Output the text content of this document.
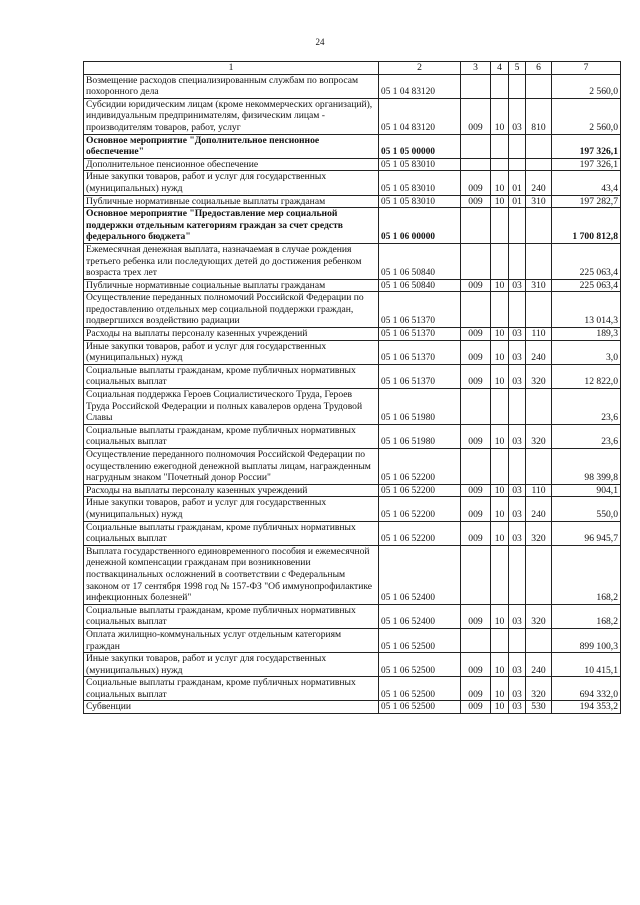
24
1	2	3	4	5	6	7
Возмещение расходов специализированным службам по вопросам похоронного дела	05 1 04 83120					2 560,0
Субсидии юридическим лицам (кроме некоммерческих организаций), индивидуальным предпринимателям, физическим лицам - производителям товаров, работ, услуг	05 1 04 83120	009	10	03	810	2 560,0
Основное мероприятие "Дополнительное пенсионное обеспечение"	05 1 05 00000					197 326,1
Дополнительное пенсионное обеспечение	05 1 05 83010					197 326,1
Иные закупки товаров, работ и услуг для государственных (муниципальных) нужд	05 1 05 83010	009	10	01	240	43,4
Публичные нормативные социальные выплаты гражданам	05 1 05 83010	009	10	01	310	197 282,7
Основное мероприятие "Предоставление мер социальной поддержки отдельным категориям граждан за счет средств федерального бюджета"	05 1 06 00000					1 700 812,8
Ежемесячная денежная выплата, назначаемая в случае рождения третьего ребенка или последующих детей до достижения ребенком возраста трех лет	05 1 06 50840					225 063,4
Публичные нормативные социальные выплаты гражданам	05 1 06 50840	009	10	03	310	225 063,4
Осуществление переданных полномочий Российской Федерации по предоставлению отдельных мер социальной поддержки граждан, подвергшихся воздействию радиации	05 1 06 51370					13 014,3
Расходы на выплаты персоналу казенных учреждений	05 1 06 51370	009	10	03	110	189,3
Иные закупки товаров, работ и услуг для государственных (муниципальных) нужд	05 1 06 51370	009	10	03	240	3,0
Социальные выплаты гражданам, кроме публичных нормативных социальных выплат	05 1 06 51370	009	10	03	320	12 822,0
Социальная поддержка Героев Социалистического Труда, Героев Труда Российской Федерации и полных кавалеров ордена Трудовой Славы	05 1 06 51980					23,6
Социальные выплаты гражданам, кроме публичных нормативных социальных выплат	05 1 06 51980	009	10	03	320	23,6
Осуществление переданного полномочия Российской Федерации по осуществлению ежегодной денежной выплаты лицам, награжденным нагрудным знаком "Почетный донор России"	05 1 06 52200					98 399,8
Расходы на выплаты персоналу казенных учреждений	05 1 06 52200	009	10	03	110	904,1
Иные закупки товаров, работ и услуг для государственных (муниципальных) нужд	05 1 06 52200	009	10	03	240	550,0
Социальные выплаты гражданам, кроме публичных нормативных социальных выплат	05 1 06 52200	009	10	03	320	96 945,7
Выплата государственного единовременного пособия и ежемесячной денежной компенсации гражданам при возникновении поствакцинальных осложнений в соответствии с Федеральным законом от 17 сентября 1998 год № 157-ФЗ "Об иммунопрофилактике инфекционных болезней"	05 1 06 52400					168,2
Социальные выплаты гражданам, кроме публичных нормативных социальных выплат	05 1 06 52400	009	10	03	320	168,2
Оплата жилищно-коммунальных услуг отдельным категориям граждан	05 1 06 52500					899 100,3
Иные закупки товаров, работ и услуг для государственных (муниципальных) нужд	05 1 06 52500	009	10	03	240	10 415,1
Социальные выплаты гражданам, кроме публичных нормативных социальных выплат	05 1 06 52500	009	10	03	320	694 332,0
Субвенции	05 1 06 52500	009	10	03	530	194 353,2
